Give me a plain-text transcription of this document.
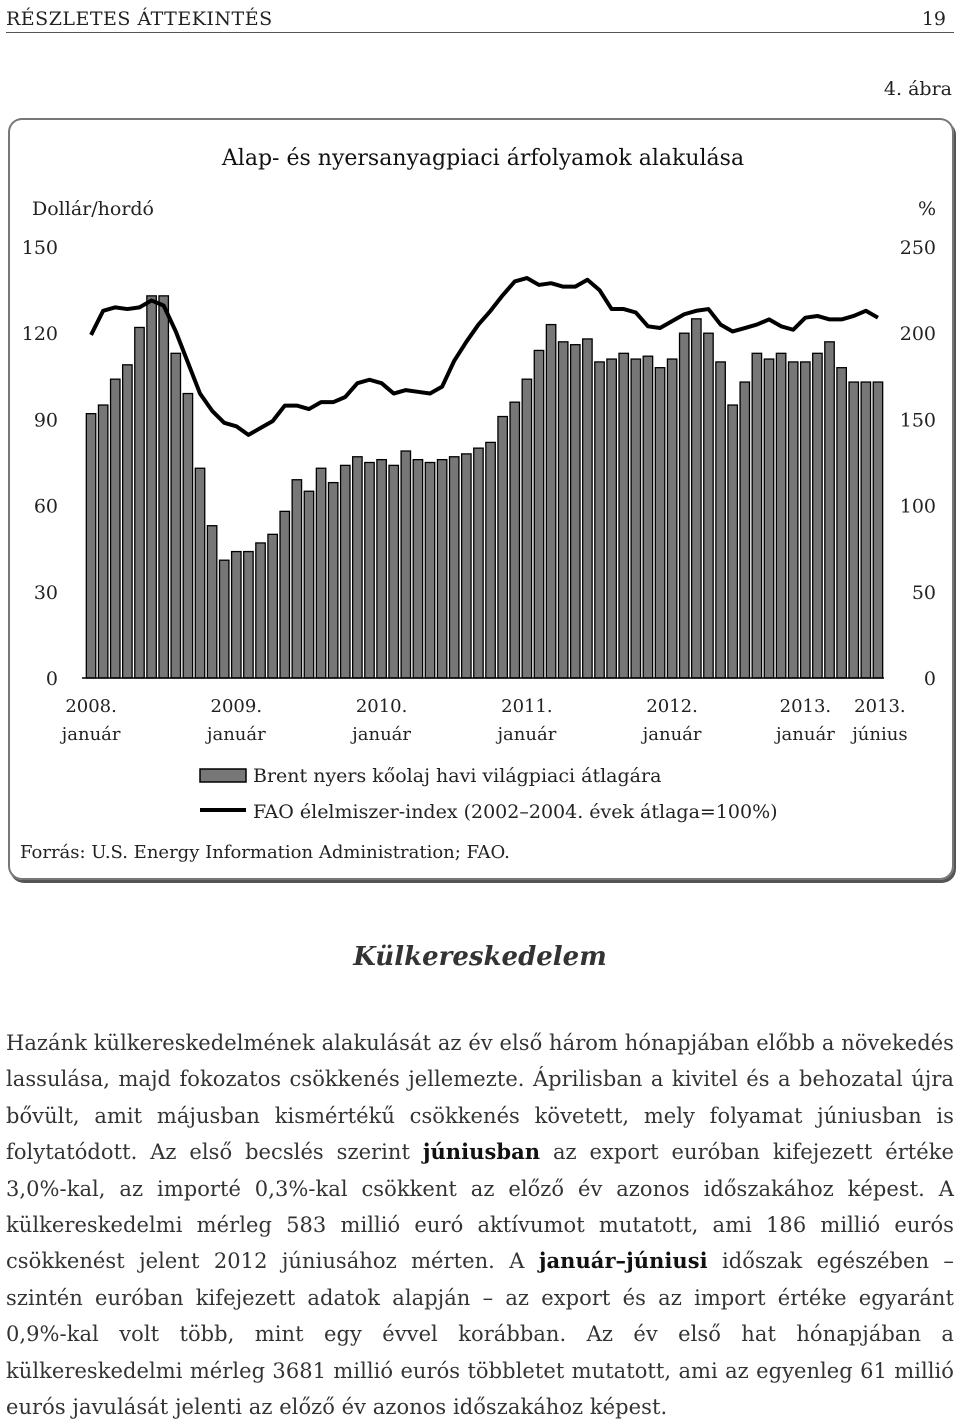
RÉSZLETES ÁTTEKINTÉS	19
4. ábra
Alap- és nyersanyagpiaci árfolyamok alakulása
Dollár/hordó	%
150
120
90
60
30
0
250
200
150
100
50
0
2008.
január
2009.
január
2010.
január
2011.
január
2012.
január
2013.
január
2013.
június
Brent nyers kőolaj havi világpiaci átlagára
FAO élelmiszer-index (2002–2004. évek átlaga=100%)
Forrás: U.S. Energy Information Administration; FAO.
Külkereskedelem
Hazánk külkereskedelmének alakulását az év első három hónapjában előbb a növekedés lassulása, majd fokozatos csökkenés jellemezte. Áprilisban a kivitel és a behozatal újra bővült, amit májusban kismértékű csökkenés követett, mely folyamat júniusban is folytatódott. Az első becslés szerint júniusban az export euróban kifejezett értéke 3,0%-kal, az importé 0,3%-kal csökkent az előző év azonos időszakához képest. A külkereskedelmi mérleg 583 millió euró aktívumot mutatott, ami 186 millió eurós csökkenést jelent 2012 júniusához mérten. A január–júniusi időszak egészében – szintén euróban kifejezett adatok alapján – az export és az import értéke egyaránt 0,9%-kal volt több, mint egy évvel korábban. Az év első hat hónapjában a külkereskedelmi mérleg 3681 millió eurós többletet mutatott, ami az egyenleg 61 millió eurós javulását jelenti az előző év azonos időszakához képest.
